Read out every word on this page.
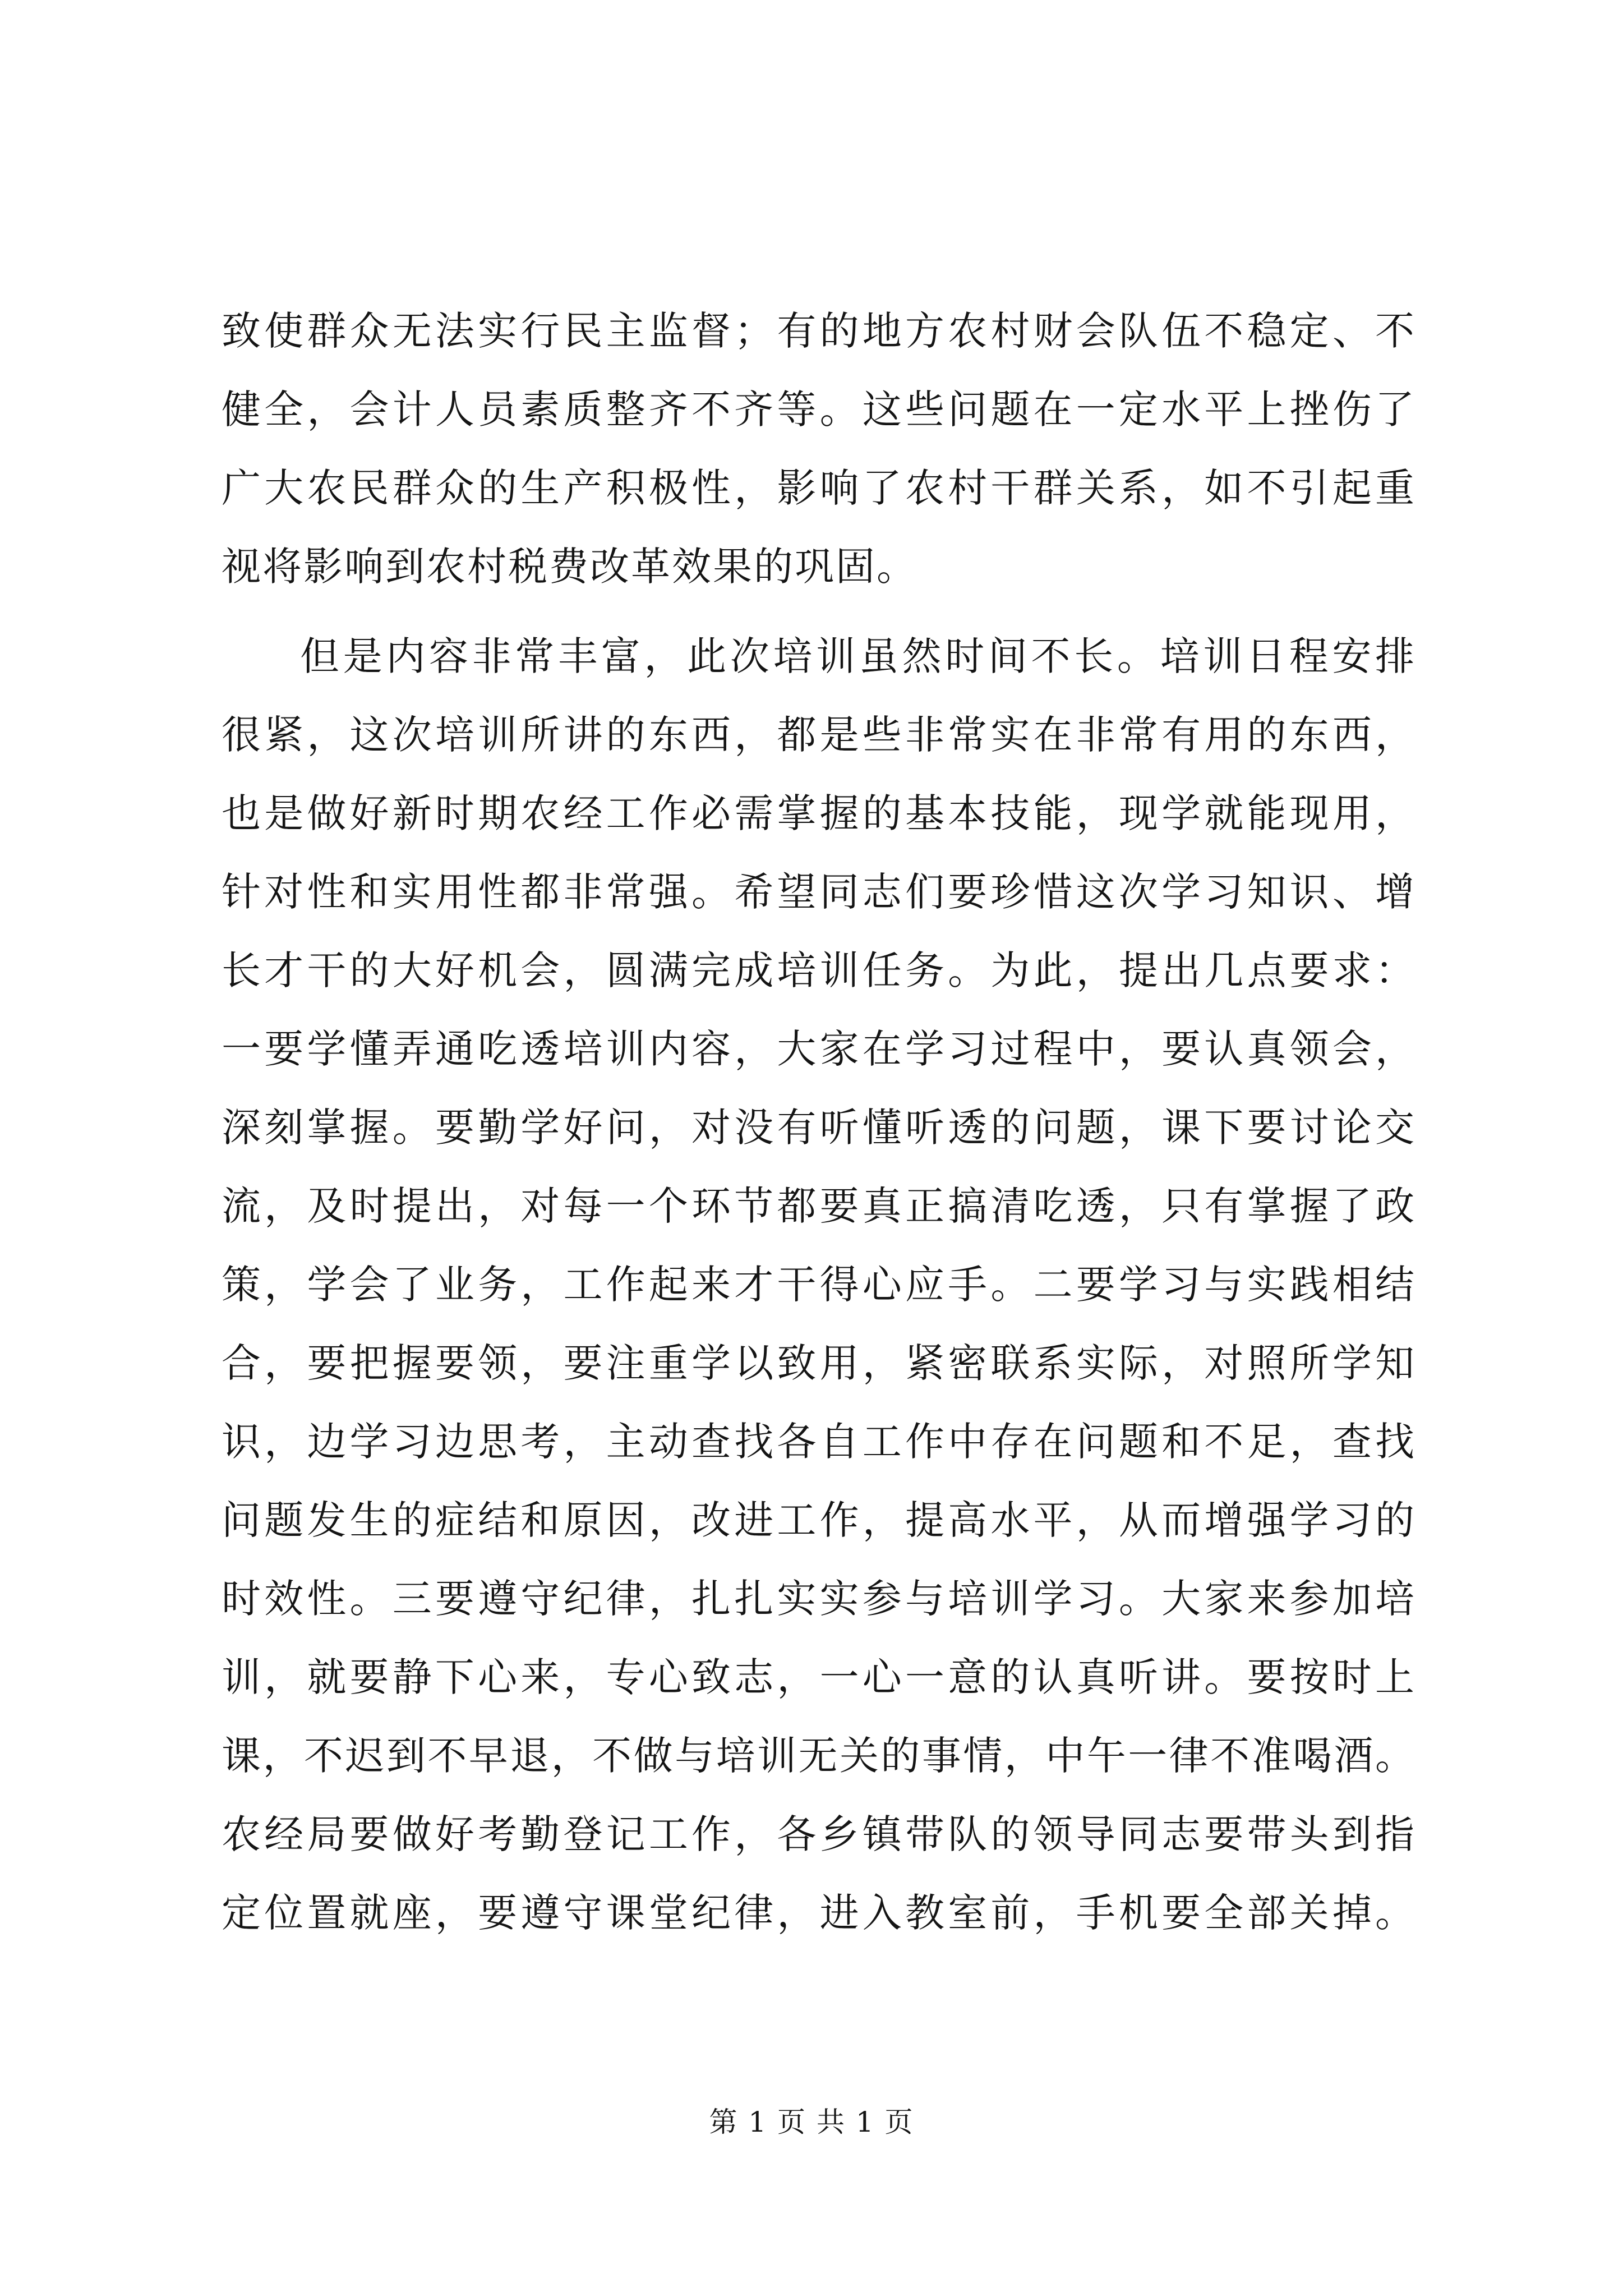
致使群众无法实行民主监督；有的地方农村财会队伍不稳定、不
健全，会计人员素质整齐不齐等。这些问题在一定水平上挫伤了
广大农民群众的生产积极性，影响了农村干群关系，如不引起重
视将影响到农村税费改革效果的巩固。
但是内容非常丰富，此次培训虽然时间不长。培训日程安排
很紧，这次培训所讲的东西，都是些非常实在非常有用的东西，
也是做好新时期农经工作必需掌握的基本技能，现学就能现用，
针对性和实用性都非常强。希望同志们要珍惜这次学习知识、增
长才干的大好机会，圆满完成培训任务。为此，提出几点要求：
一要学懂弄通吃透培训内容，大家在学习过程中，要认真领会，
深刻掌握。要勤学好问，对没有听懂听透的问题，课下要讨论交
流，及时提出，对每一个环节都要真正搞清吃透，只有掌握了政
策，学会了业务，工作起来才干得心应手。二要学习与实践相结
合，要把握要领，要注重学以致用，紧密联系实际，对照所学知
识，边学习边思考，主动查找各自工作中存在问题和不足，查找
问题发生的症结和原因，改进工作，提高水平，从而增强学习的
时效性。三要遵守纪律，扎扎实实参与培训学习。大家来参加培
训，就要静下心来，专心致志，一心一意的认真听讲。要按时上
课，不迟到不早退，不做与培训无关的事情，中午一律不准喝酒。
农经局要做好考勤登记工作，各乡镇带队的领导同志要带头到指
定位置就座，要遵守课堂纪律，进入教室前，手机要全部关掉。
第 1 页 共 1 页
